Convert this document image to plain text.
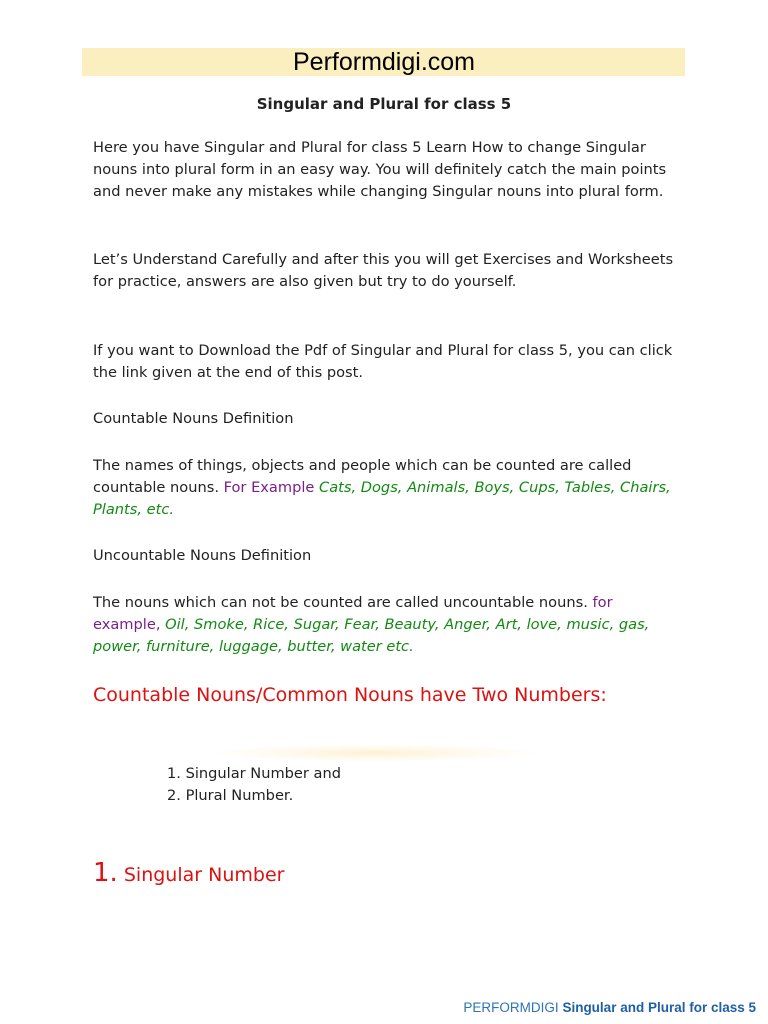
Performdigi.com
Singular and Plural for class 5

Here you have Singular and Plural for class 5 Learn How to change Singular nouns into plural form in an easy way. You will definitely catch the main points and never make any mistakes while changing Singular nouns into plural form.

Let’s Understand Carefully and after this you will get Exercises and Worksheets for practice, answers are also given but try to do yourself.

If you want to Download the Pdf of Singular and Plural for class 5, you can click the link given at the end of this post.

Countable Nouns Definition

The names of things, objects and people which can be counted are called countable nouns. For Example Cats, Dogs, Animals, Boys, Cups, Tables, Chairs, Plants, etc.

Uncountable Nouns Definition

The nouns which can not be counted are called uncountable nouns. for example, Oil, Smoke, Rice, Sugar, Fear, Beauty, Anger, Art, love, music, gas, power, furniture, luggage, butter, water etc.

Countable Nouns/Common Nouns have Two Numbers:
1. Singular Number and
2. Plural Number.
1. Singular Number
PERFORMDIGI Singular and Plural for class 5
